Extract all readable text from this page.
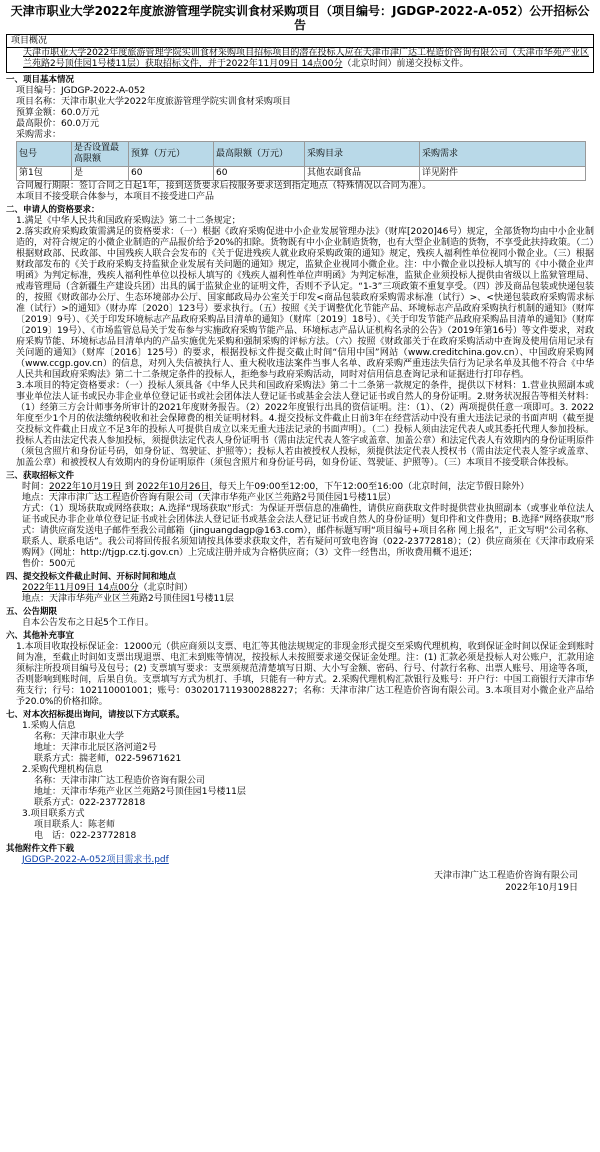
天津市职业大学2022年度旅游管理学院实训食材采购项目（项目编号：JGDGP-2022-A-052）公开招标公告
项目概况
天津市职业大学2022年度旅游管理学院实训食材采购项目招标项目的潜在投标人应在天津市津广达工程造价咨询有限公司（天津市华苑产业区兰苑路2号顶佳园1号楼11层）获取招标文件，并于2022年11月09日 14点00分（北京时间）前递交投标文件。
一、项目基本情况
项目编号：JGDGP-2022-A-052
项目名称：天津市职业大学2022年度旅游管理学院实训食材采购项目
预算金额：60.0万元
最高限价：60.0万元
采购需求：
包号	是否设置最高限额	预算（万元）	最高限额（万元）	采购目录	采购需求
第1包	是	60	60	其他农副食品	详见附件
合同履行期限：签订合同之日起1年，接到送货要求后按服务要求送到指定地点（特殊情况以合同为准）。
本项目不接受联合体参与，本项目不接受进口产品
二、申请人的资格要求：
1.满足《中华人民共和国政府采购法》第二十二条规定；
2.落实政府采购政策需满足的资格要求：（一）根据《政府采购促进中小企业发展管理办法》（财库[2020]46号）规定，全部货物均由中小企业制造的，对符合规定的小微企业制造的产品报价给予20%的扣除。货物既有中小企业制造货物，也有大型企业制造的货物，不享受此扶持政策。（二）根据财政部、民政部、中国残疾人联合会发布的《关于促进残疾人就业政府采购政策的通知》规定，残疾人福利性单位视同小微企业。（三）根据财政部发布的《关于政府采购支持监狱企业发展有关问题的通知》规定，监狱企业视同小微企业。注：中小微企业以投标人填写的《中小微企业声明函》为判定标准，残疾人福利性单位以投标人填写的《残疾人福利性单位声明函》为判定标准，监狱企业须投标人提供由省级以上监狱管理局、戒毒管理局（含新疆生产建设兵团）出具的属于监狱企业的证明文件，否则不予认定。“1-3”三项政策不重复享受。（四）涉及商品包装或快递包装的，按照《财政部办公厅、生态环境部办公厅、国家邮政局办公室关于印发<商品包装政府采购需求标准（试行）>、<快递包装政府采购需求标准（试行）>的通知》（财办库〔2020〕123号）要求执行。（五）按照《关于调整优化节能产品、环境标志产品政府采购执行机制的通知》（财库〔2019〕9号）、《关于印发环境标志产品政府采购品目清单的通知》（财库〔2019〕18号）、《关于印发节能产品政府采购品目清单的通知》（财库〔2019〕19号）、《市场监管总局关于发布参与实施政府采购节能产品、环境标志产品认证机构名录的公告》（2019年第16号）等文件要求，对政府采购节能、环境标志品目清单内的产品实施优先采购和强制采购的评标方法。（六）按照《财政部关于在政府采购活动中查询及使用信用记录有关问题的通知》（财库〔2016〕125号）的要求，根据投标文件提交截止时间“信用中国”网站（www.creditchina.gov.cn）、中国政府采购网（www.ccgp.gov.cn）的信息，对列入失信被执行人、重大税收违法案件当事人名单、政府采购严重违法失信行为记录名单及其他不符合《中华人民共和国政府采购法》第二十二条规定条件的投标人，拒绝参与政府采购活动，同时对信用信息查询记录和证据进行打印存档。
3.本项目的特定资格要求：（一）投标人须具备《中华人民共和国政府采购法》第二十二条第一款规定的条件，提供以下材料：1.营业执照副本或事业单位法人证书或民办非企业单位登记证书或社会团体法人登记证书或基金会法人登记证书或自然人的身份证明。2.财务状况报告等相关材料：（1）经第三方会计师事务所审计的2021年度财务报告。（2）2022年度银行出具的资信证明。注：（1）、（2）两项提供任意一项即可。3. 2022年度至少1个月的依法缴纳税收和社会保障费的相关证明材料。4.提交投标文件截止日前3年在经营活动中没有重大违法记录的书面声明（截至提交投标文件截止日成立不足3年的投标人可提供自成立以来无重大违法记录的书面声明）。（二）投标人须由法定代表人或其委托代理人参加投标。投标人若由法定代表人参加投标，须提供法定代表人身份证明书（需由法定代表人签字或盖章、加盖公章）和法定代表人有效期内的身份证明原件（须包含照片和身份证号码，如身份证、驾驶证、护照等）；投标人若由被授权人投标，须提供法定代表人授权书（需由法定代表人签字或盖章、加盖公章）和被授权人有效期内的身份证明原件（须包含照片和身份证号码，如身份证、驾驶证、护照等）。（三）本项目不接受联合体投标。
三、获取招标文件
时间：2022年10月19日 到 2022年10月26日，每天上午09:00至12:00，下午12:00至16:00（北京时间，法定节假日除外）
地点：天津市津广达工程造价咨询有限公司（天津市华苑产业区兰苑路2号顶佳园1号楼11层）
方式：（1）现场获取或网络获取；A.选择“现场获取”形式：为保证开票信息的准确性，请供应商获取文件时提供营业执照副本（或事业单位法人证书或民办非企业单位登记证书或社会团体法人登记证书或基金会法人登记证书或自然人的身份证明）复印件和文件费用；B.选择“网络获取”形式：请供应商发送电子邮件至我公司邮箱（jinguangdagp@163.com），邮件标题写明“项目编号+项目名称 网上报名”，正文写明“公司名称、联系人、联系电话”。我公司将回传报名须知请按具体要求获取文件，若有疑问可致电咨询（022-23772818）；（2）供应商须在《天津市政府采购网》（网址：http://tjgp.cz.tj.gov.cn）上完成注册并成为合格供应商；（3）文件一经售出，所收费用概不退还；
售价：500元
四、提交投标文件截止时间、开标时间和地点
2022年11月09日 14点00分（北京时间）
地点：天津市华苑产业区兰苑路2号顶佳园1号楼11层
五、公告期限
自本公告发布之日起5个工作日。
六、其他补充事宜
1.本项目收取投标保证金：12000元（供应商须以支票、电汇等其他法规规定的非现金形式提交至采购代理机构，收到保证金时间以保证金到账时间为准，至截止时间如支票出现退票、电汇未到账等情况，按投标人未按照要求递交保证金处理。注：(1) 汇款必须是投标人对公账户，汇款用途须标注所投项目编号及包号；(2) 支票填写要求：支票须规范清楚填写日期、大小写金额、密码、行号、付款行名称、出票人账号、用途等各项，否则影响到账时间，后果自负。支票填写方式为机打、手填，只能有一种方式。2.采购代理机构汇款银行及账号：开户行：中国工商银行天津市华苑支行；行号：102110001001；账号：0302017119300288227；名称：天津市津广达工程造价咨询有限公司。3.本项目对小微企业产品给予20.0%的价格扣除。
七、对本次招标提出询问，请按以下方式联系。
1.采购人信息
名称：天津市职业大学
地址：天津市北辰区洛河道2号
联系方式：揣老师，022-59671621
2.采购代理机构信息
名称：天津市津广达工程造价咨询有限公司
地址：天津市华苑产业区兰苑路2号顶佳园1号楼11层
联系方式：022-23772818
3.项目联系方式
项目联系人：陈老师
电　话：022-23772818
其他附件文件下载
JGDGP-2022-A-052项目需求书.pdf
天津市津广达工程造价咨询有限公司
2022年10月19日
